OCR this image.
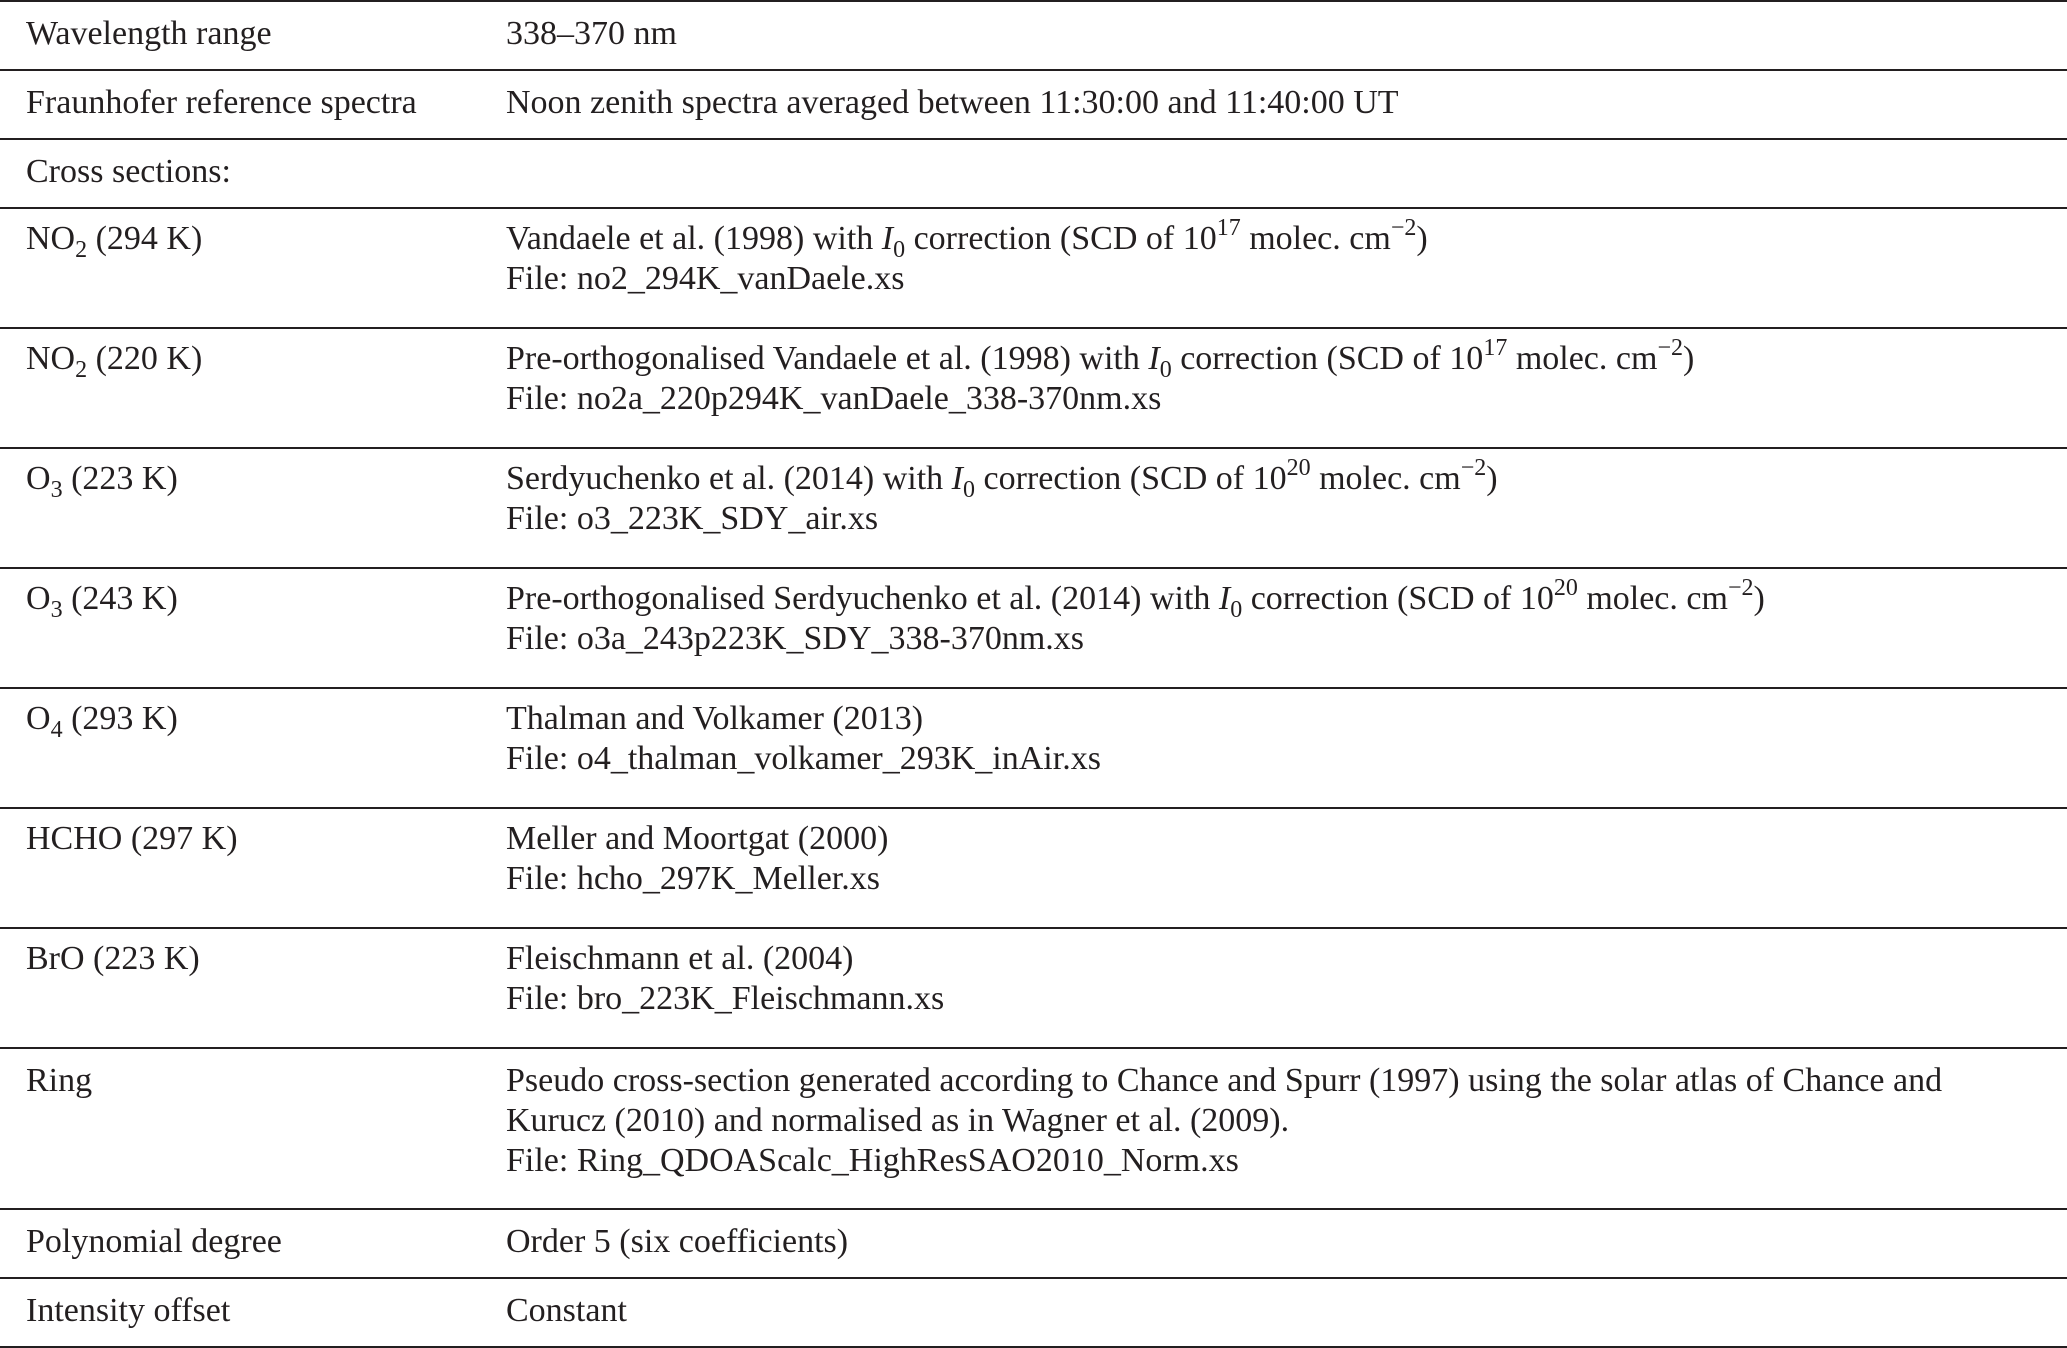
Wavelength range	338–370 nm
Fraunhofer reference spectra	Noon zenith spectra averaged between 11:30:00 and 11:40:00 UT
Cross sections:	
$NO_2$ (294 K)	Vandaele et al. (1998) with $I_0$ correction (SCD of $10^{17}$ molec. $cm^{-2}$)
File: no2_294K_vanDaele.xs

$NO_2$ (220 K)	Pre-orthogonalised Vandaele et al. (1998) with $I_0$ correction (SCD of $10^{17}$ molec. $cm^{-2}$)
File: no2a_220p294K_vanDaele_338-370nm.xs

$O_3$ (223 K)	Serdyuchenko et al. (2014) with $I_0$ correction (SCD of $10^{20}$ molec. $cm^{-2}$)
File: o3_223K_SDY_air.xs

$O_3$ (243 K)	Pre-orthogonalised Serdyuchenko et al. (2014) with $I_0$ correction (SCD of $10^{20}$ molec. $cm^{-2}$)
File: o3a_243p223K_SDY_338-370nm.xs

$O_4$ (293 K)	Thalman and Volkamer (2013)
File: o4_thalman_volkamer_293K_inAir.xs

HCHO (297 K)	Meller and Moortgat (2000)
File: hcho_297K_Meller.xs

BrO (223 K)	Fleischmann et al. (2004)
File: bro_223K_Fleischmann.xs

Ring	Pseudo cross-section generated according to Chance and Spurr (1997) using the solar atlas of Chance and Kurucz (2010) and normalised as in Wagner et al. (2009).
File: Ring_QDOAScalc_HighResSAO2010_Norm.xs

Polynomial degree	Order 5 (six coefficients)
Intensity offset	Constant
